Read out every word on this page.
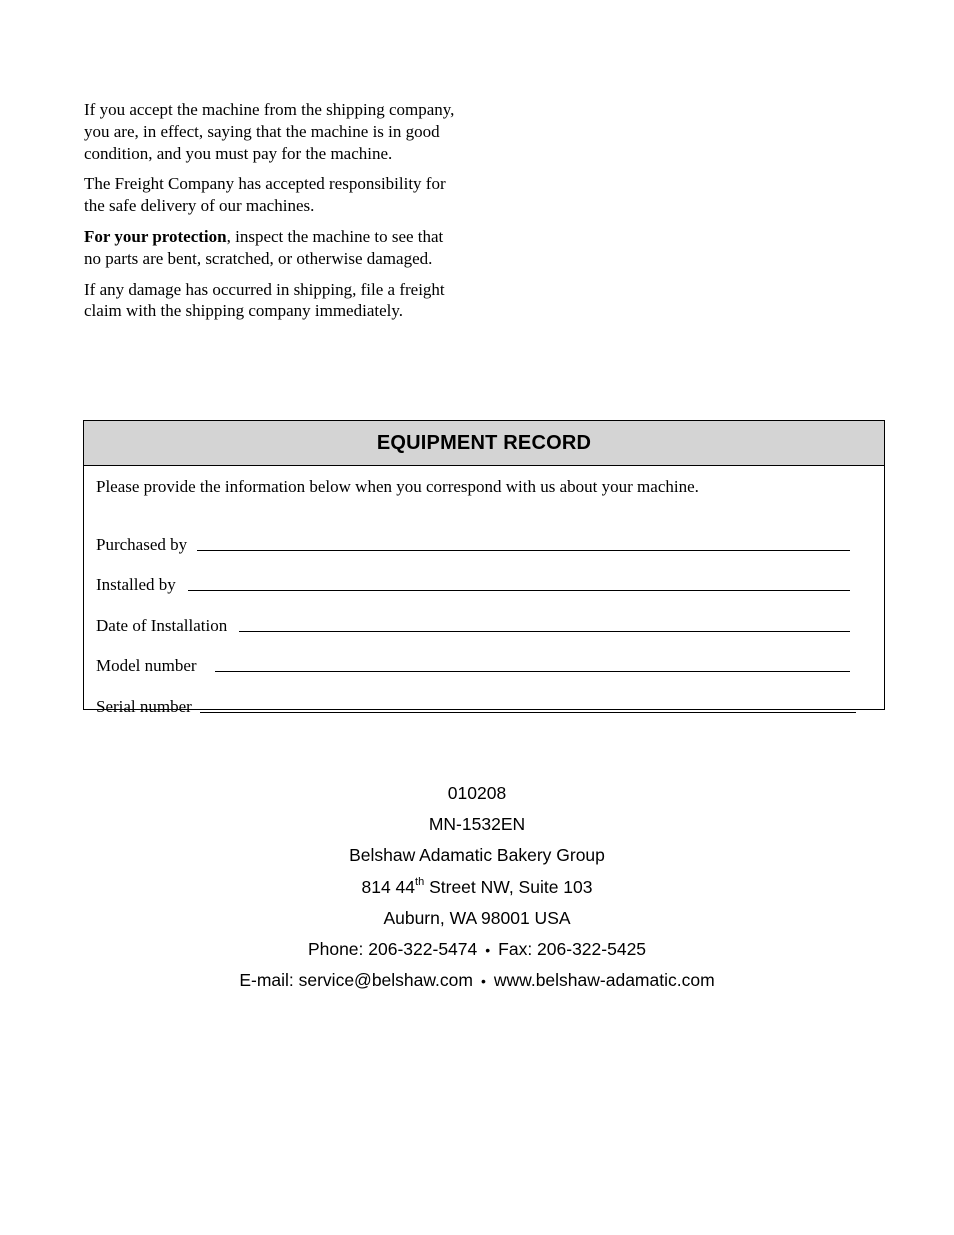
If you accept the machine from the shipping company, you are, in effect, saying that the machine is in good condition, and you must pay for the machine.

The Freight Company has accepted responsibility for the safe delivery of our machines.

For your protection, inspect the machine to see that no parts are bent, scratched, or otherwise damaged.

If any damage has occurred in shipping, file a freight claim with the shipping company immediately.

EQUIPMENT RECORD

Please provide the information below when you correspond with us about your machine.

Purchased by
Installed by
Date of Installation
Model number
Serial number
010208
MN-1532EN
Belshaw Adamatic Bakery Group
814 44th Street NW, Suite 103
Auburn, WA 98001 USA
Phone: 206-322-5474 • Fax: 206-322-5425
E-mail: service@belshaw.com • www.belshaw-adamatic.com
